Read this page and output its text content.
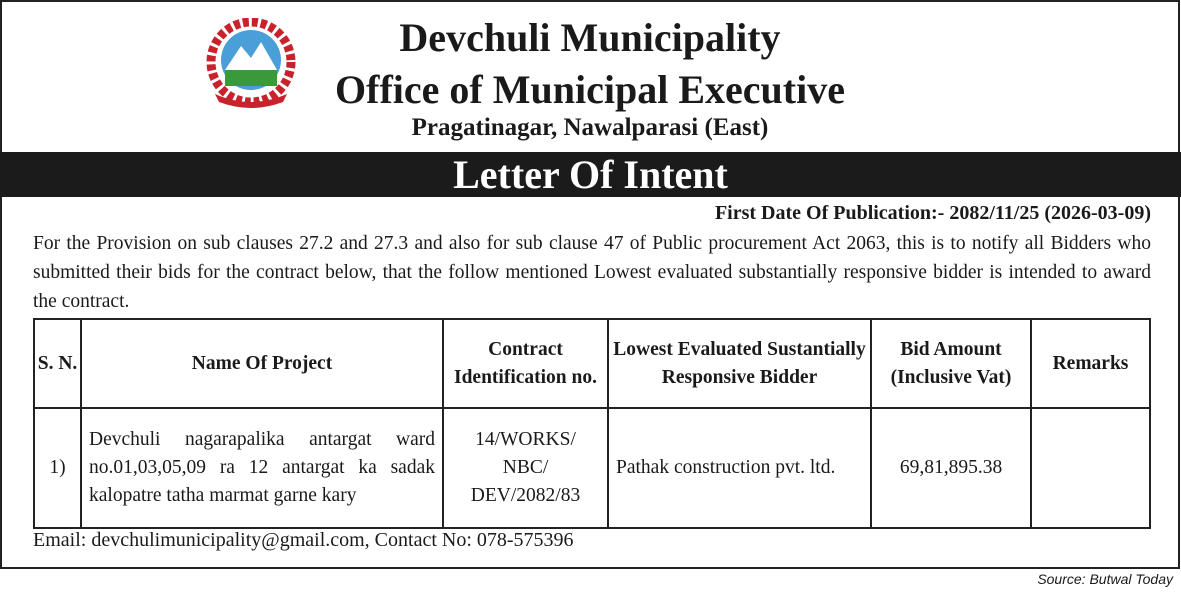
Devchuli Municipality
Office of Municipal Executive
Pragatinagar, Nawalparasi (East)
Letter Of Intent
First Date Of Publication:- 2082/11/25 (2026-03-09)
For the Provision on sub clauses 27.2 and 27.3 and also for sub clause 47 of Public procurement Act 2063, this is to notify all Bidders who submitted their bids for the contract below, that the follow mentioned Lowest evaluated substantially responsive bidder is intended to award the contract.
S. N.	Name Of Project	Contract Identification no.	Lowest Evaluated Sustantially Responsive Bidder	Bid Amount (Inclusive Vat)	Remarks
1)	Devchuli nagarapalika antargat ward no.01,03,05,09 ra 12 antargat ka sadak kalopatre tatha marmat garne kary	14/WORKS/ NBC/ DEV/2082/83	Pathak construction pvt. ltd.	69,81,895.38	
Email: devchulimunicipality@gmail.com, Contact No: 078-575396
Source: Butwal Today
